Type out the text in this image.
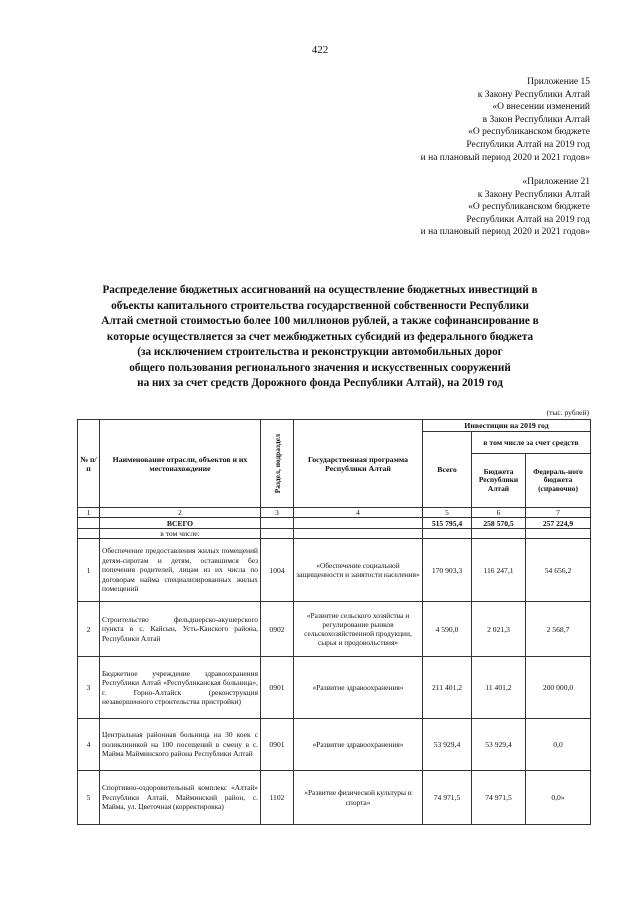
422
Приложение 15
к Закону Республики Алтай
«О внесении изменений
в Закон Республики Алтай
«О республиканском бюджете
Республики Алтай на 2019 год
и на плановый период 2020 и 2021 годов»
«Приложение 21
к Закону Республики Алтай
«О республиканском бюджете
Республики Алтай на 2019 год
и на плановый период 2020 и 2021 годов»
Распределение бюджетных ассигнований на осуществление бюджетных инвестиций в
объекты капитального строительства государственной собственности Республики
Алтай сметной стоимостью более 100 миллионов рублей, а также софинансирование в
которые осуществляется за счет межбюджетных субсидий из федерального бюджета
(за исключением строительства и реконструкции автомобильных дорог
общего пользования регионального значения и искусственных сооружений
на них за счет средств Дорожного фонда Республики Алтай), на 2019 год
(тыс. рублей)
№ п/п	Наименование отрасли, объектов и их местонахождение	Раздел, подраздел	Государственная программа Республики Алтай	Инвестиции на 2019 год		
				Всего	в том числе за счет средств	
					Бюджета Республики Алтай	Федераль-ного бюджета (справочно)
1	2	3	4	5	6	7
	ВСЕГО			515 795,4	258 570,5	257 224,9
	в том числе:					
1	Обеспечение предоставления жилых помещений детям-сиротам и детям, оставшимся без попечения родителей, лицам из их числа по договорам найма специализированных жилых помещений	1004	«Обеспечение социальной защищенности и занятости населения»	170 903,3	116 247,1	54 656,2
2	Строительство фельдшерско-акушерского пункта в с. Кайсын, Усть-Канского района, Республики Алтай	0902	«Развитие сельского хозяйства и регулирование рынков сельскохозяйственной продукции, сырья и продовольствия»	4 590,0	2 021,3	2 568,7
3	Бюджетное учреждение здравоохранения Республики Алтай «Республиканская больница», г. Горно-Алтайск (реконструкция незавершенного строительства пристройки)	0901	«Развитие здравоохранения»	211 401,2	11 401,2	200 000,0
4	Центральная районная больница на 30 коек с поликлиникой на 100 посещений в смену в с. Майма Майминского района Республики Алтай	0901	«Развитие здравоохранения»	53 929,4	53 929,4	0,0
5	Спортивно-оздоровительный комплекс «Алтай» Республики Алтай, Майминский район, с. Майма, ул. Цветочная (корректировка)	1102	«Развитие физической культуры и спорта»	74 971,5	74 971,5	0,0»
